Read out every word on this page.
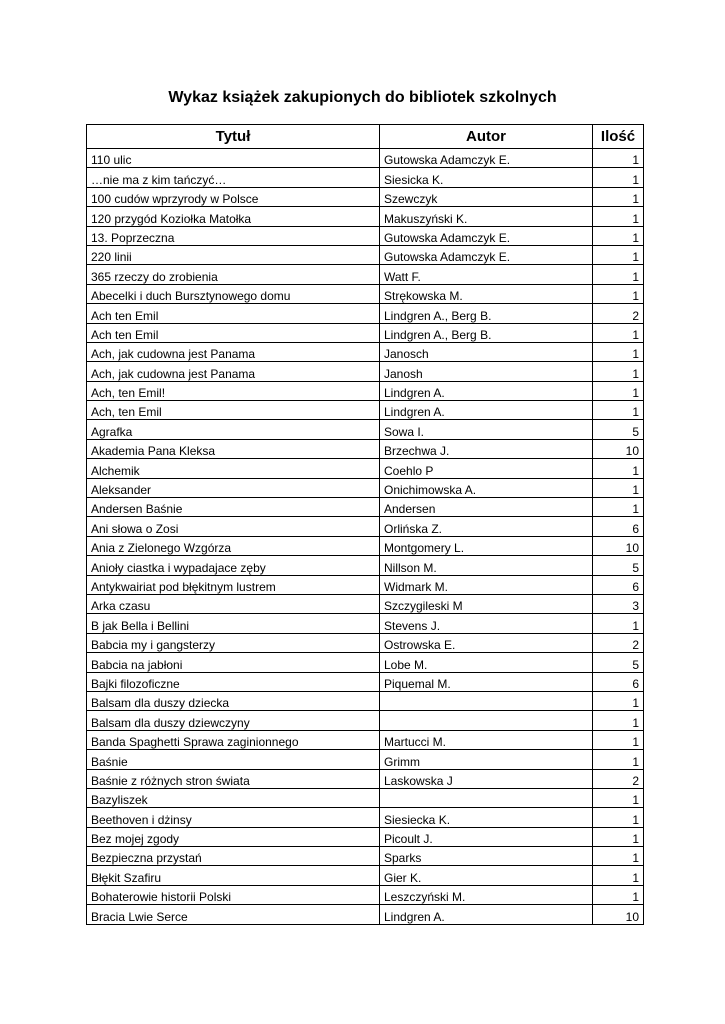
Wykaz książek zakupionych do bibliotek szkolnych
Tytuł	Autor	Ilość
110 ulic	Gutowska Adamczyk E.	1
…nie ma z kim tańczyć…	Siesicka K.	1
100 cudów wprzyrody w Polsce	Szewczyk	1
120 przygód Koziołka Matołka	Makuszyński K.	1
13. Poprzeczna	Gutowska Adamczyk E.	1
220 linii	Gutowska Adamczyk E.	1
365 rzeczy do zrobienia	Watt F.	1
Abecelki i duch Bursztynowego domu	Strękowska M.	1
Ach ten Emil	Lindgren A., Berg B.	2
Ach ten Emil	Lindgren A., Berg B.	1
Ach, jak cudowna jest Panama	Janosch	1
Ach, jak cudowna jest Panama	Janosh	1
Ach, ten Emil!	Lindgren A.	1
Ach, ten Emil	Lindgren A.	1
Agrafka	Sowa I.	5
Akademia Pana Kleksa	Brzechwa J.	10
Alchemik	Coehlo P	1
Aleksander	Onichimowska A.	1
Andersen Baśnie	Andersen	1
Ani słowa o Zosi	Orlińska Z.	6
Ania z Zielonego Wzgórza	Montgomery L.	10
Anioły ciastka i wypadajace zęby	Nillson M.	5
Antykwairiat pod błękitnym lustrem	Widmark M.	6
Arka czasu	Szczygileski M	3
B jak Bella i Bellini	Stevens J.	1
Babcia my i gangsterzy	Ostrowska E.	2
Babcia na jabłoni	Lobe M.	5
Bajki filozoficzne	Piquemal M.	6
Balsam dla duszy dziecka		1
Balsam dla duszy dziewczyny		1
Banda Spaghetti Sprawa zaginionnego	Martucci M.	1
Baśnie	Grimm	1
Baśnie z różnych stron świata	Laskowska J	2
Bazyliszek		1
Beethoven i dżinsy	Siesiecka K.	1
Bez mojej zgody	Picoult J.	1
Bezpieczna przystań	Sparks	1
Błękit Szafiru	Gier K.	1
Bohaterowie historii Polski	Leszczyński M.	1
Bracia Lwie Serce	Lindgren A.	10
